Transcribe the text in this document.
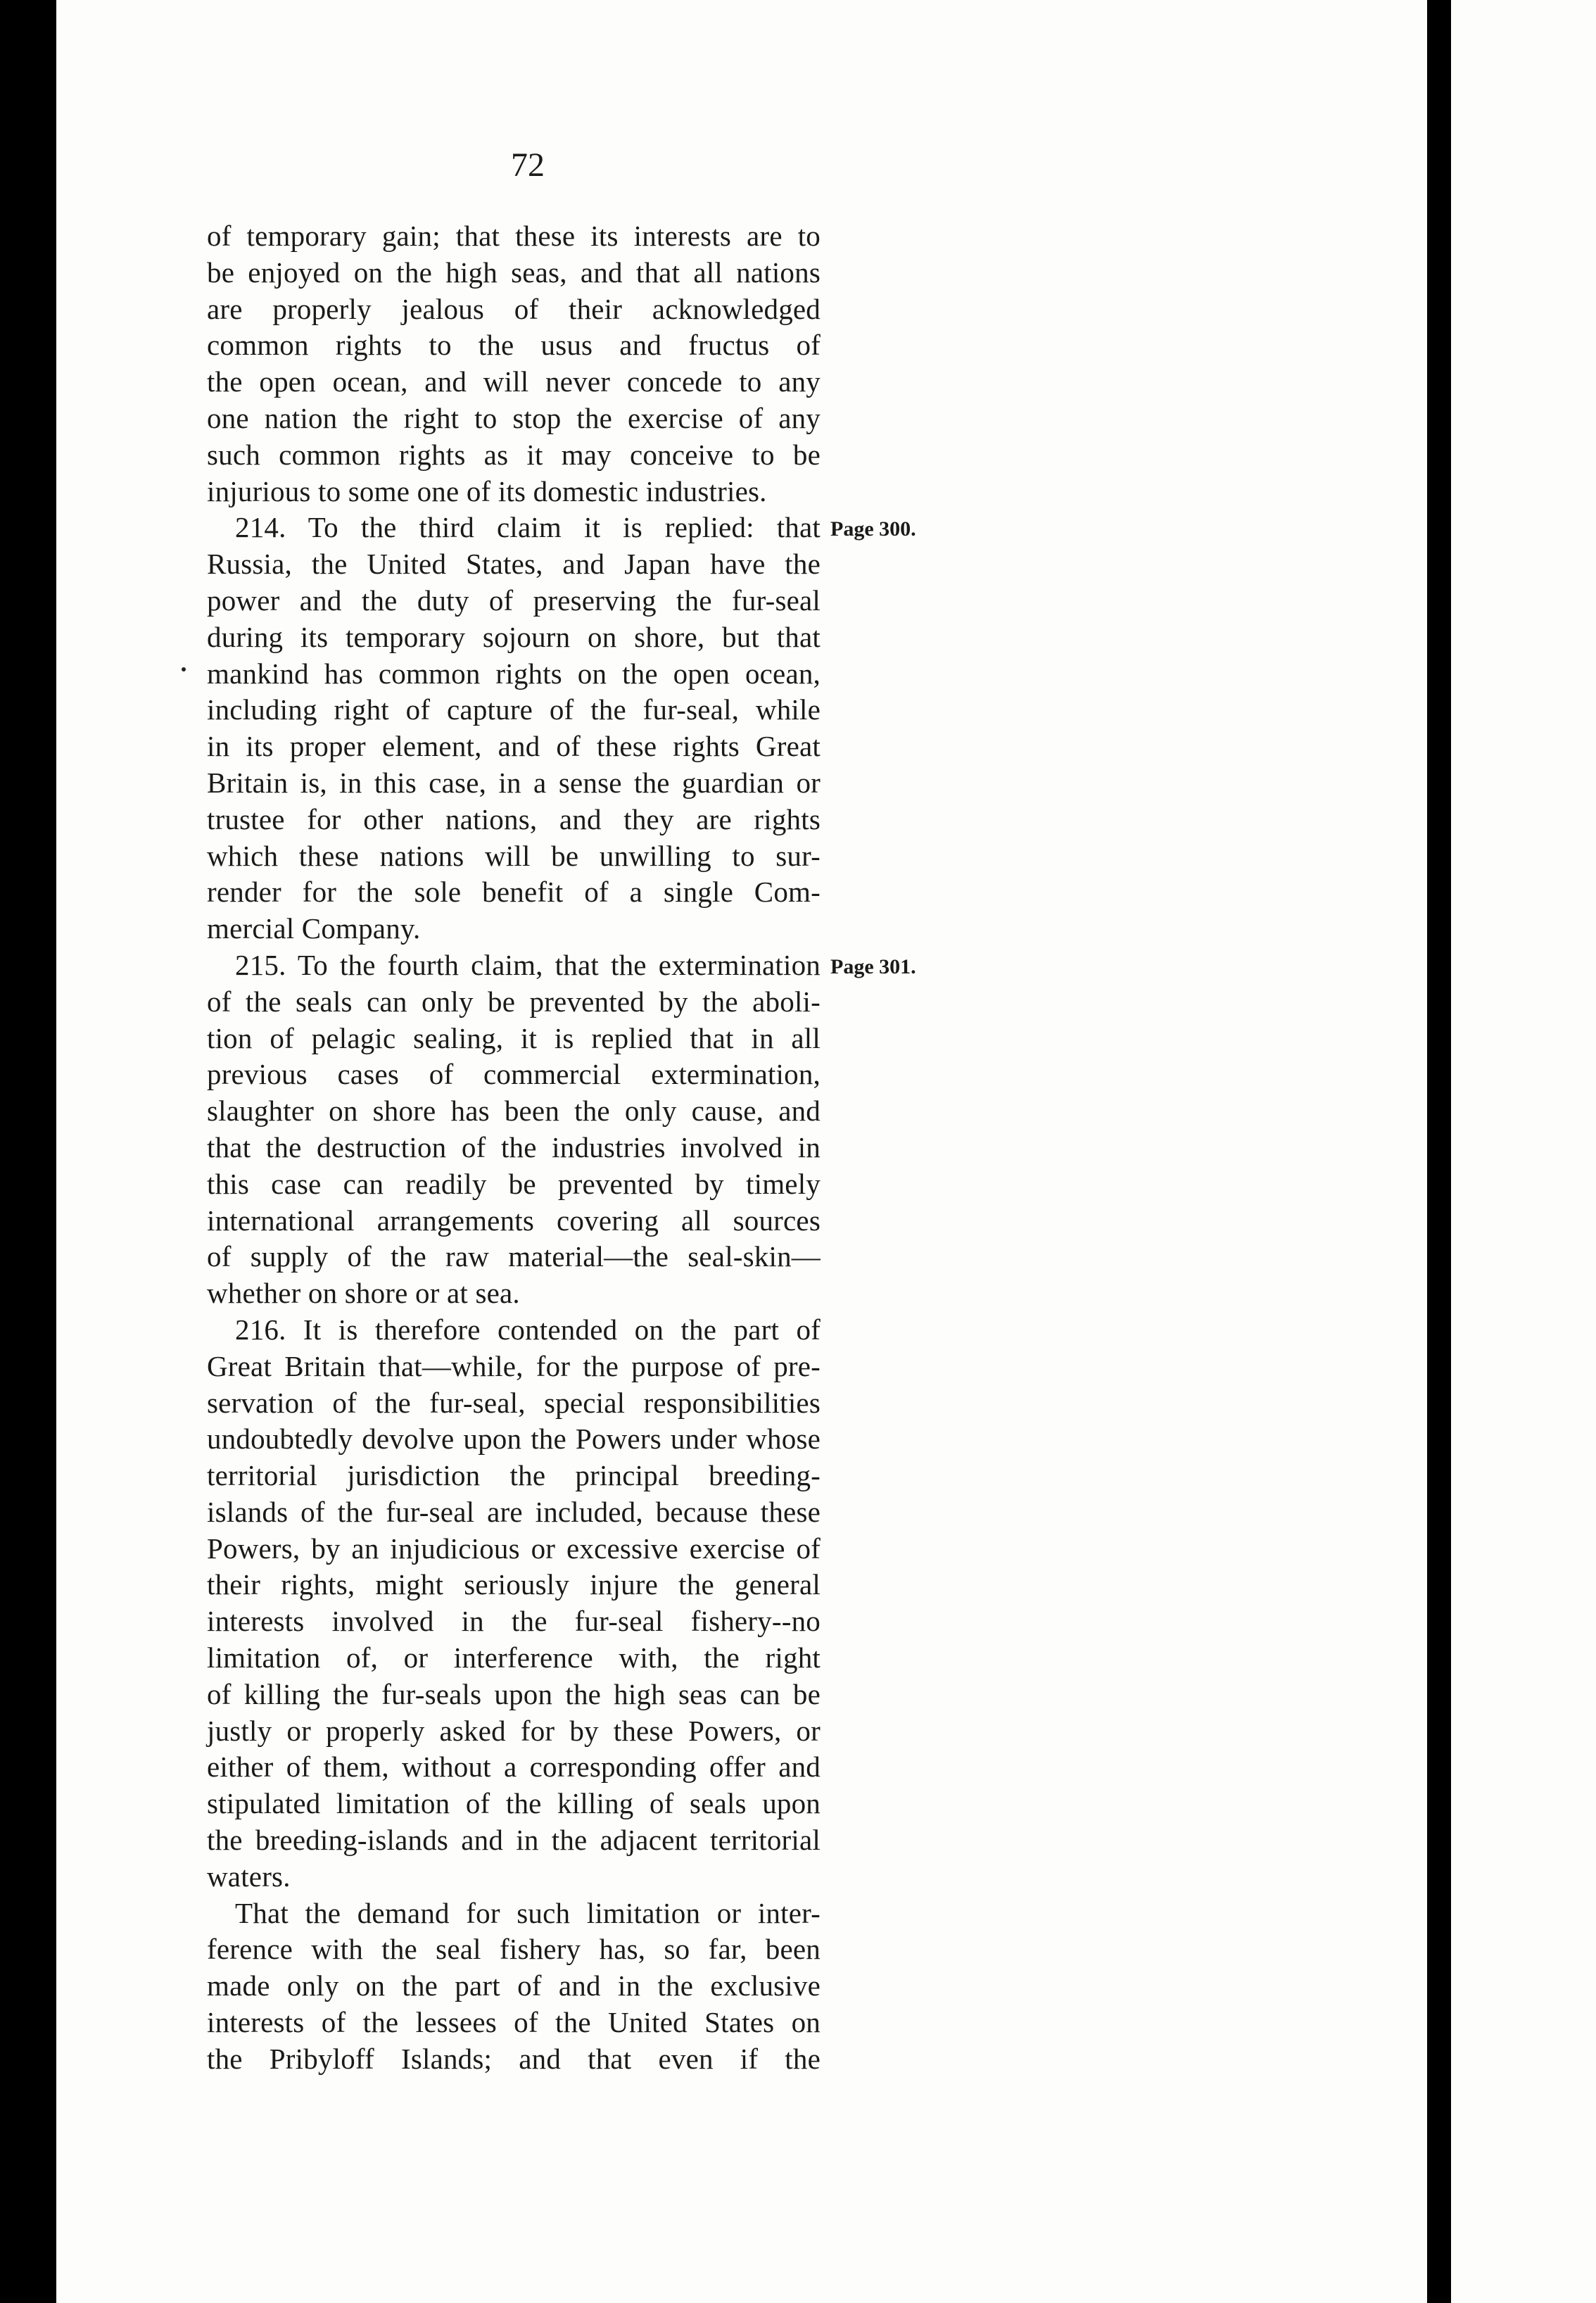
72
of temporary gain; that these its interests are to
be enjoyed on the high seas, and that all nations
are properly jealous of their acknowledged
common rights to the usus and fructus of
the open ocean, and will never concede to any
one nation the right to stop the exercise of any
such common rights as it may conceive to be
injurious to some one of its domestic industries.
214. To the third claim it is replied: that
Russia, the United States, and Japan have the
power and the duty of preserving the fur-seal
during its temporary sojourn on shore, but that
mankind has common rights on the open ocean,
including right of capture of the fur-seal, while
in its proper element, and of these rights Great
Britain is, in this case, in a sense the guardian or
trustee for other nations, and they are rights
which these nations will be unwilling to sur-
render for the sole benefit of a single Com-
mercial Company.
215. To the fourth claim, that the extermination
of the seals can only be prevented by the aboli-
tion of pelagic sealing, it is replied that in all
previous cases of commercial extermination,
slaughter on shore has been the only cause, and
that the destruction of the industries involved in
this case can readily be prevented by timely
international arrangements covering all sources
of supply of the raw material—the seal-skin—
whether on shore or at sea.
216. It is therefore contended on the part of
Great Britain that—while, for the purpose of pre-
servation of the fur-seal, special responsibilities
undoubtedly devolve upon the Powers under whose
territorial jurisdiction the principal breeding-
islands of the fur-seal are included, because these
Powers, by an injudicious or excessive exercise of
their rights, might seriously injure the general
interests involved in the fur-seal fishery--no
limitation of, or interference with, the right
of killing the fur-seals upon the high seas can be
justly or properly asked for by these Powers, or
either of them, without a corresponding offer and
stipulated limitation of the killing of seals upon
the breeding-islands and in the adjacent territorial
waters.
That the demand for such limitation or inter-
ference with the seal fishery has, so far, been
made only on the part of and in the exclusive
interests of the lessees of the United States on
the Pribyloff Islands; and that even if the
Page 300.
Page 301.
